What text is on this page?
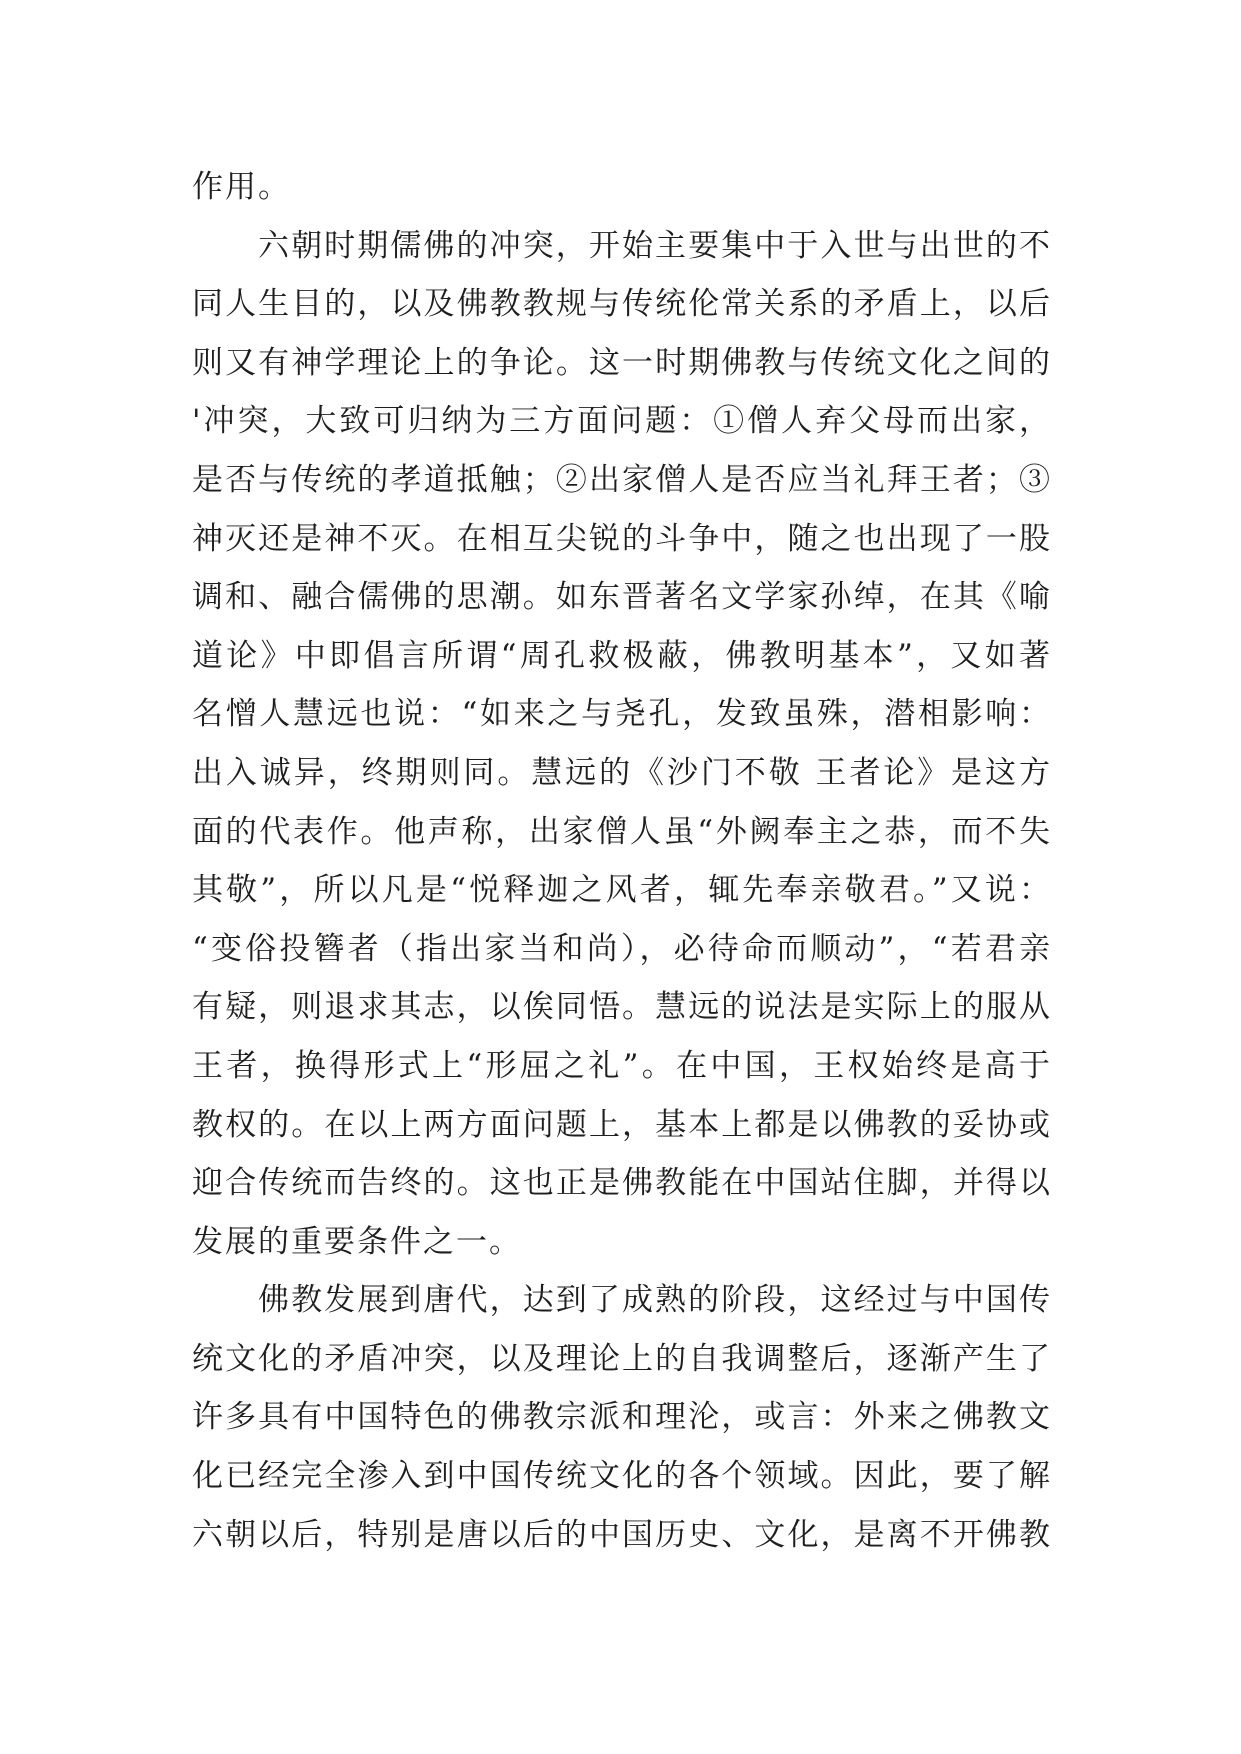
作用。
六朝时期儒佛的冲突，开始主要集中于入世与出世的不
同人生目的，以及佛教教规与传统伦常关系的矛盾上，以后
则又有神学理论上的争论。这一时期佛教与传统文化之间的
'冲突，大致可归纳为三方面问题：①僧人弃父母而出家，
是否与传统的孝道抵触；②出家僧人是否应当礼拜王者；③
神灭还是神不灭。在相互尖锐的斗争中，随之也出现了一股
调和、融合儒佛的思潮。如东晋著名文学家孙绰，在其《喻
道论》中即倡言所谓“周孔救极蔽，佛教明基本”，又如著
名憎人慧远也说：“如来之与尧孔，发致虽殊，潜相影响：
出入诚异，终期则同。慧远的《沙门不敬 王者论》是这方
面的代表作。他声称，出家僧人虽“外阙奉主之恭，而不失
其敬”，所以凡是“悦释迦之风者，辄先奉亲敬君。”又说：
“变俗投簪者（指出家当和尚），必待命而顺动”，“若君亲
有疑，则退求其志，以俟同悟。慧远的说法是实际上的服从
王者，换得形式上“形屈之礼”。在中国，王权始终是高于
教权的。在以上两方面问题上，基本上都是以佛教的妥协或
迎合传统而告终的。这也正是佛教能在中国站住脚，并得以
发展的重要条件之一。
佛教发展到唐代，达到了成熟的阶段，这经过与中国传
统文化的矛盾冲突，以及理论上的自我调整后，逐渐产生了
许多具有中国特色的佛教宗派和理沦，或言：外来之佛教文
化已经完全渗入到中国传统文化的各个领域。因此，要了解
六朝以后，特别是唐以后的中国历史、文化，是离不开佛教
